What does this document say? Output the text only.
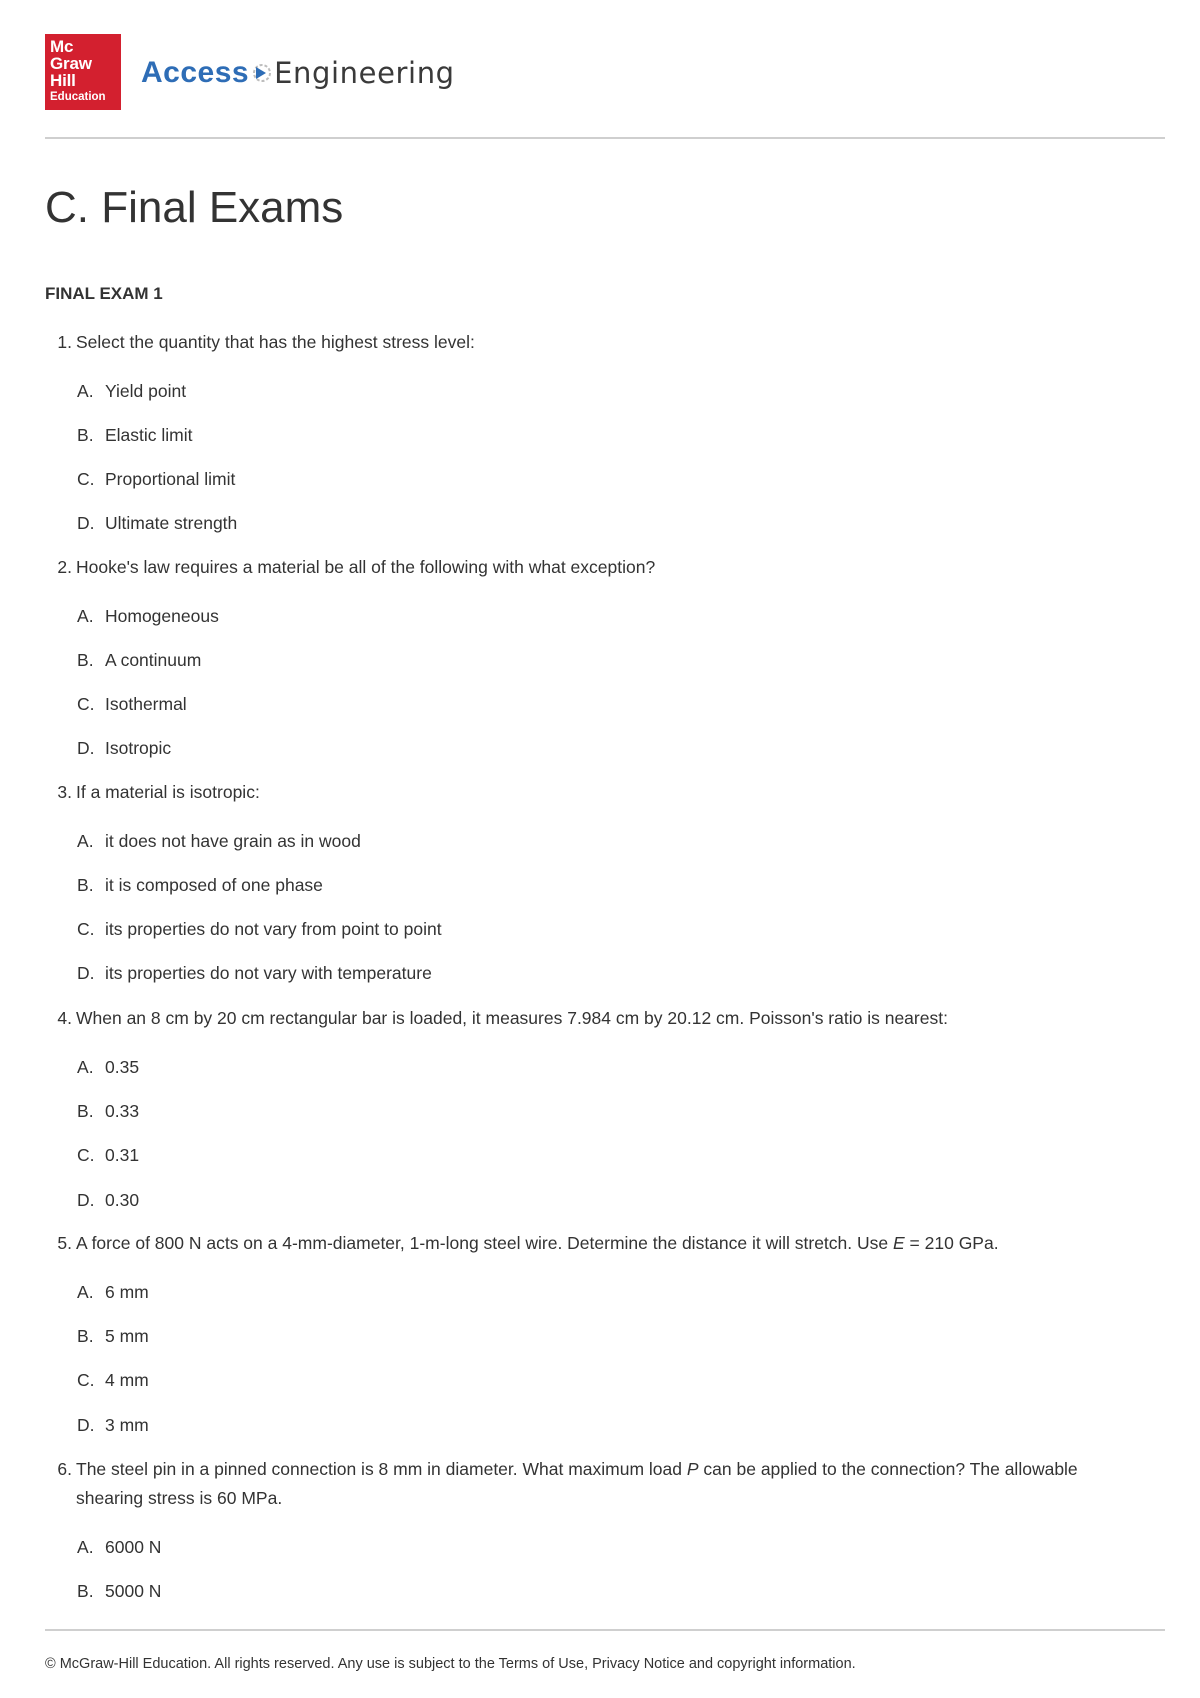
Mc
Graw
Hill
Education
Access Engineering
C. Final Exams
FINAL EXAM 1
1 . Select the quantity that has the highest stress level:
A . Yield point
B . Elastic limit
C . Proportional limit
D . Ultimate strength
2 . Hooke's law requires a material be all of the following with what exception?
A . Homogeneous
B . A continuum
C . Isothermal
D . Isotropic
3 . If a material is isotropic:
A . it does not have grain as in wood
B . it is composed of one phase
C . its properties do not vary from point to point
D . its properties do not vary with temperature
4 . When an 8 cm by 20 cm rectangular bar is loaded, it measures 7.984 cm by 20.12 cm. Poisson's ratio is nearest:
A . 0.35
B . 0.33
C . 0.31
D . 0.30
5 . A force of 800 N acts on a 4-mm-diameter, 1-m-long steel wire. Determine the distance it will stretch. Use E = 210 GPa.
A . 6 mm
B . 5 mm
C . 4 mm
D . 3 mm
6 . The steel pin in a pinned connection is 8 mm in diameter. What maximum load P can be applied to the connection? The allowable shearing stress is 60 MPa.
A . 6000 N
B . 5000 N

© McGraw-Hill Education. All rights reserved. Any use is subject to the Terms of Use, Privacy Notice and copyright information.
